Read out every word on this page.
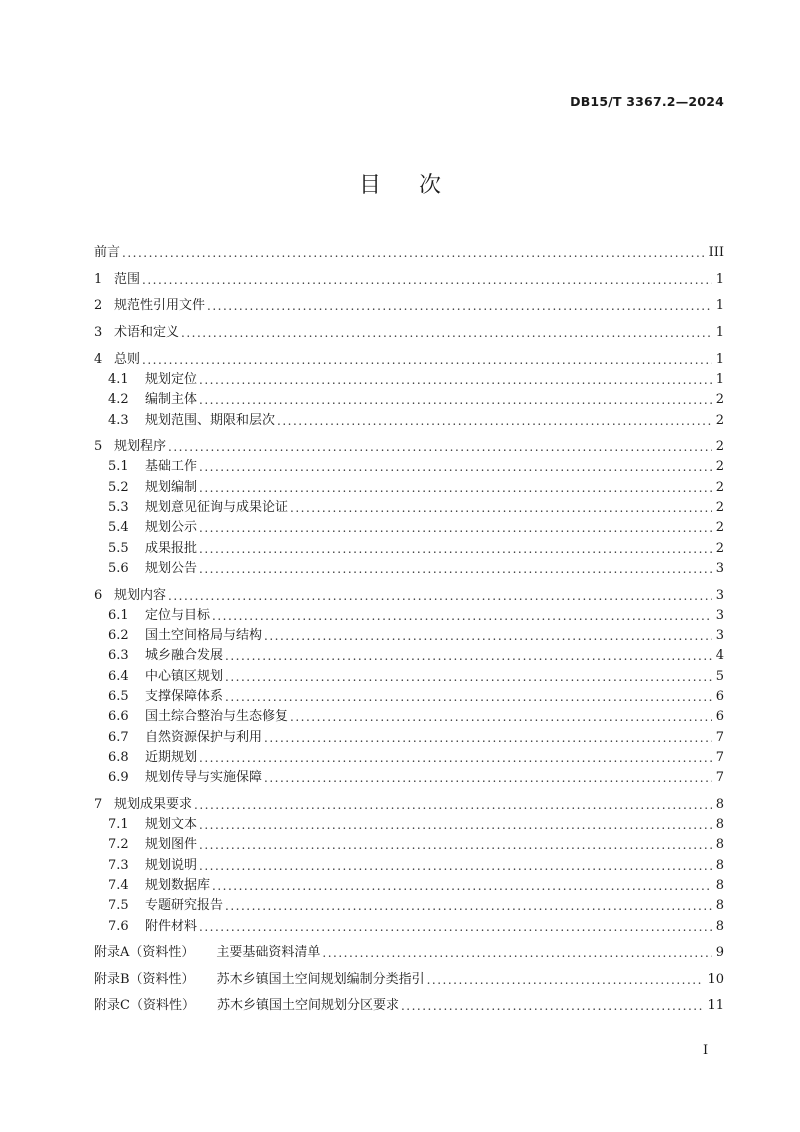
DB15/T 3367.2—2024
目 次
前言 .....	III
1 范围 .....	1
2 规范性引用文件 .....	1
3 术语和定义 .....	1
4 总则 .....	1
4.1	规划定位 .....	1
4.2	编制主体 .....	2
4.3	规划范围、期限和层次 .....	2
5 规划程序 .....	2
5.1	基础工作 .....	2
5.2	规划编制 .....	2
5.3	规划意见征询与成果论证 .....	2
5.4	规划公示 .....	2
5.5	成果报批 .....	2
5.6	规划公告 .....	3
6 规划内容 .....	3
6.1	定位与目标 .....	3
6.2	国土空间格局与结构 .....	3
6.3	城乡融合发展 .....	4
6.4	中心镇区规划 .....	5
6.5	支撑保障体系 .....	6
6.6	国土综合整治与生态修复 .....	6
6.7	自然资源保护与利用 .....	7
6.8	近期规划 .....	7
6.9	规划传导与实施保障 .....	7
7 规划成果要求 .....	8
7.1	规划文本 .....	8
7.2	规划图件 .....	8
7.3	规划说明 .....	8
7.4	规划数据库 .....	8
7.5	专题研究报告 .....	8
7.6	附件材料 .....	8
附录A（资料性） 主要基础资料清单 .....	9
附录B（资料性） 苏木乡镇国土空间规划编制分类指引 .....	10
附录C（资料性） 苏木乡镇国土空间规划分区要求 .....	11
I
